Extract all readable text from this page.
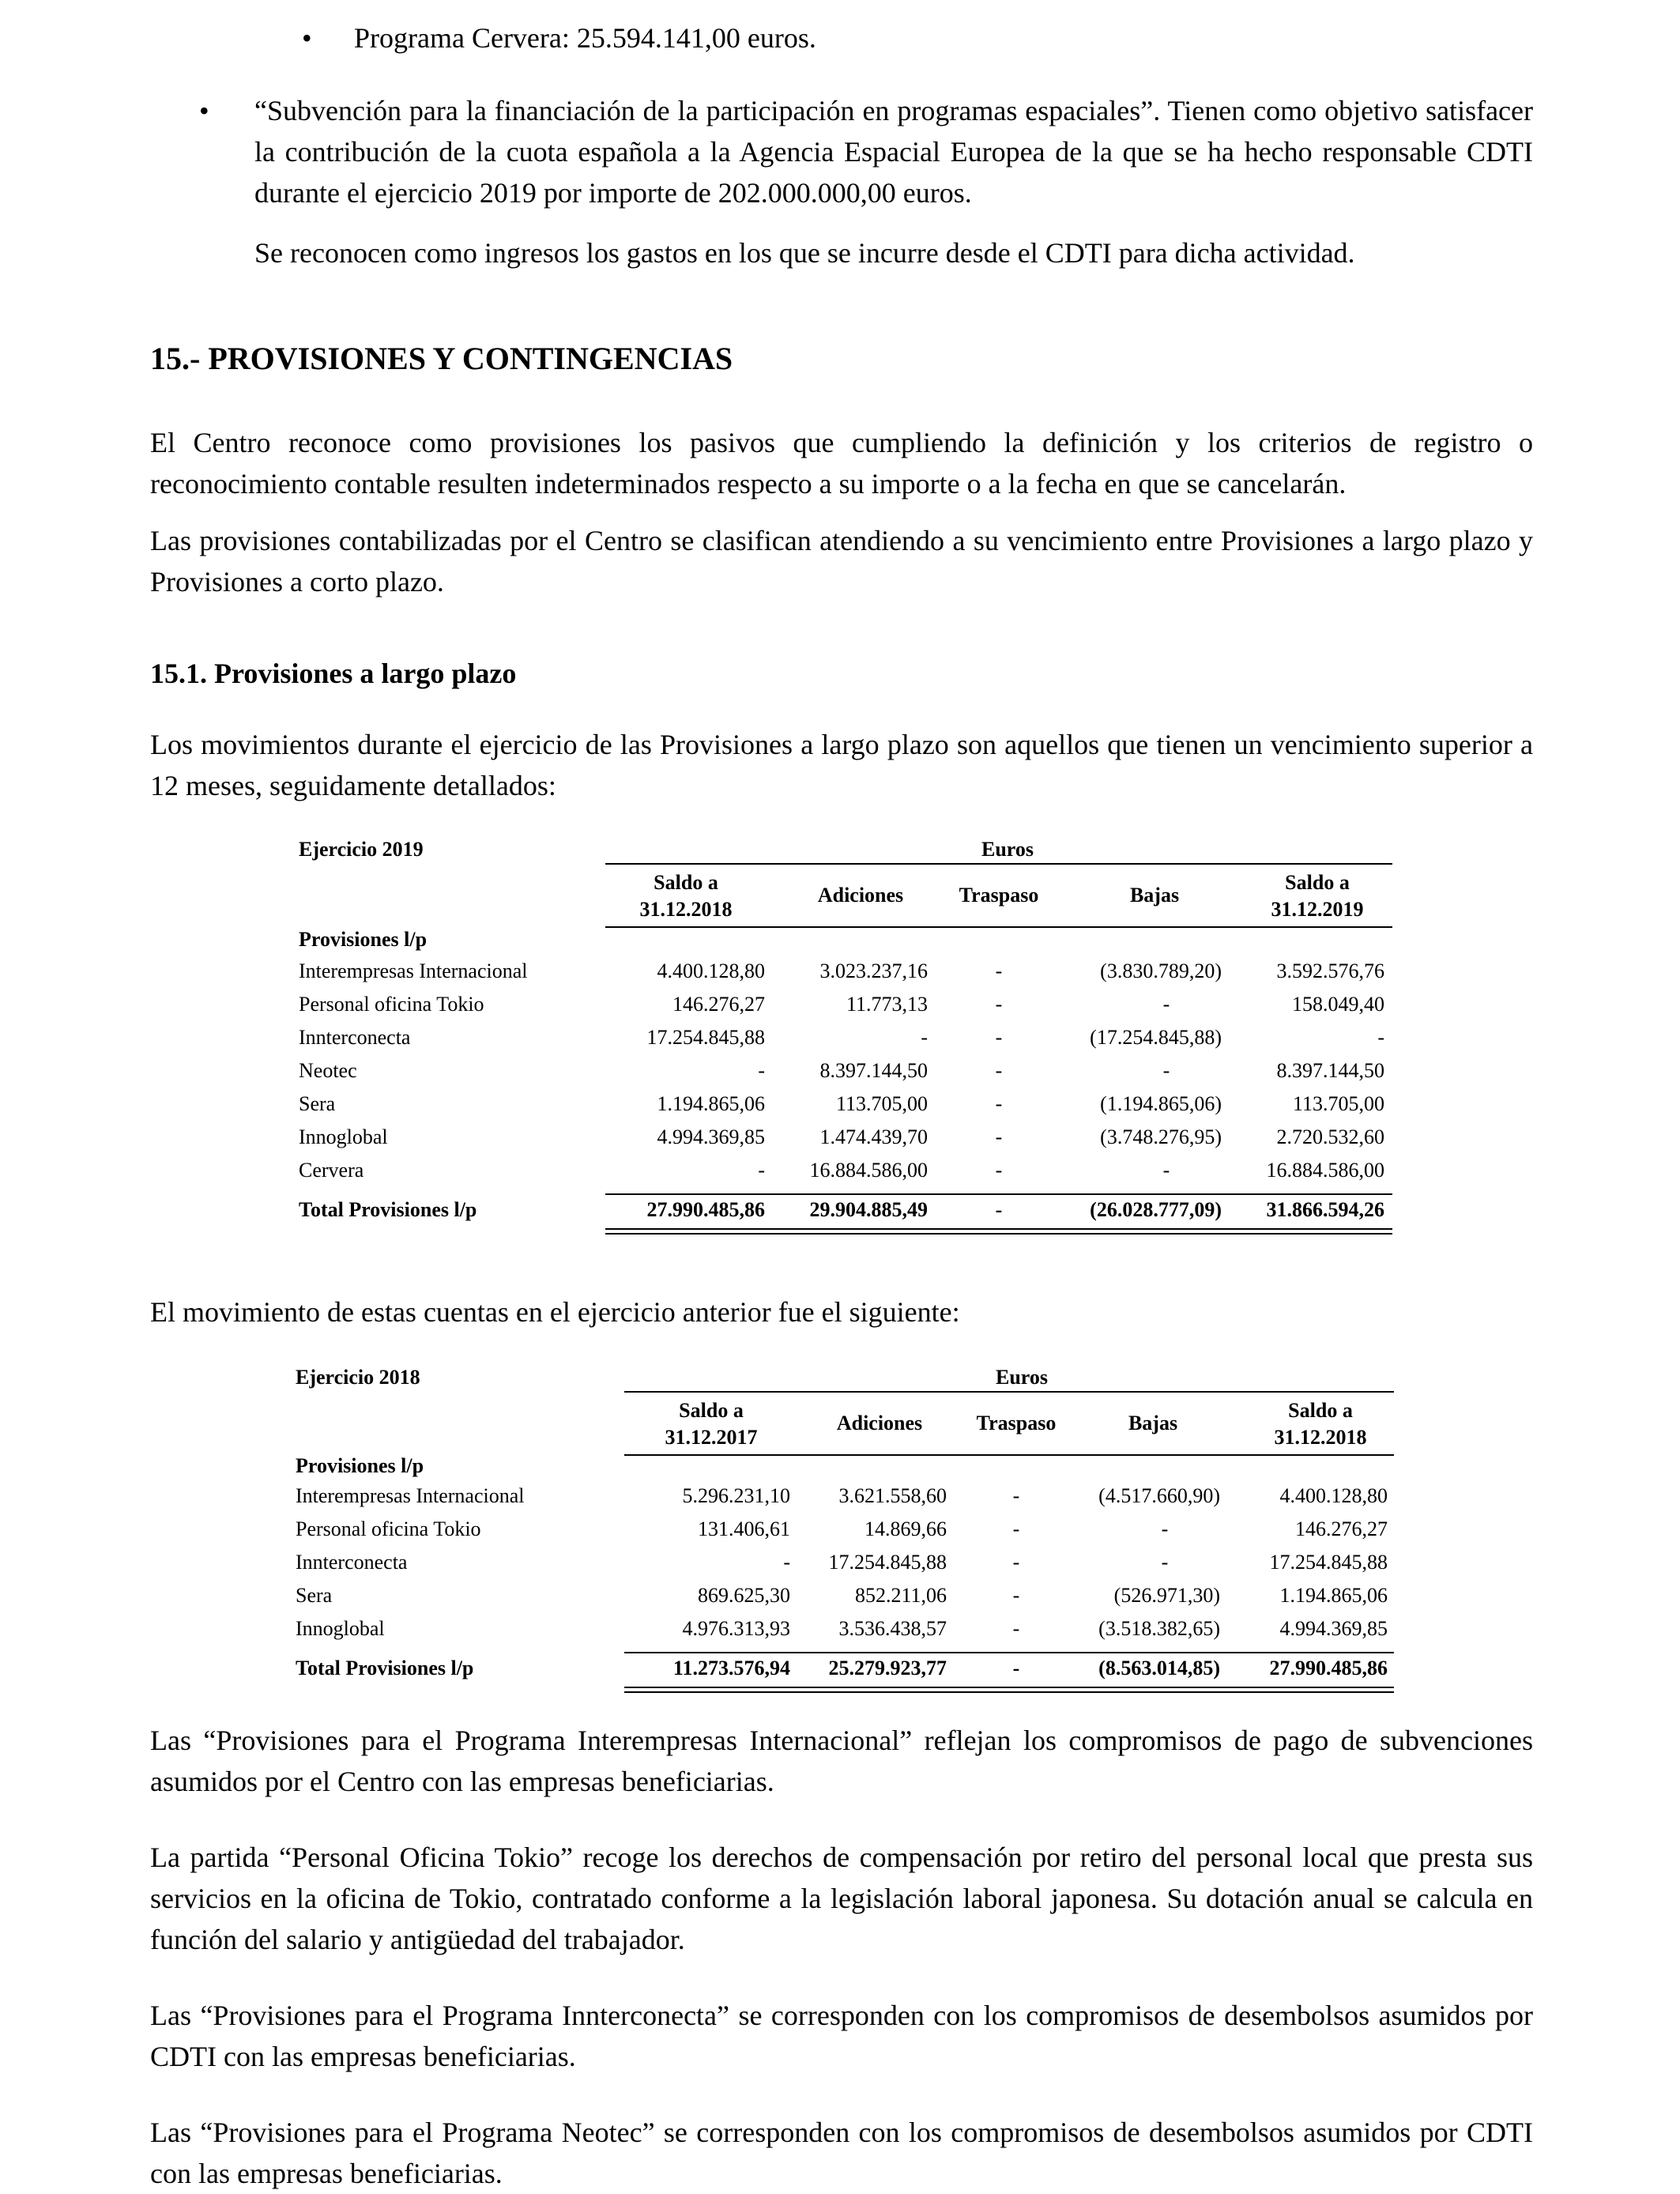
• Programa Cervera: 25.594.141,00 euros.

• “Subvención para la financiación de la participación en programas espaciales”. Tienen como objetivo satisfacer la contribución de la cuota española a la Agencia Espacial Europea de la que se ha hecho responsable CDTI durante el ejercicio 2019 por importe de 202.000.000,00 euros.

Se reconocen como ingresos los gastos en los que se incurre desde el CDTI para dicha actividad.

15.- PROVISIONES Y CONTINGENCIAS

El Centro reconoce como provisiones los pasivos que cumpliendo la definición y los criterios de registro o reconocimiento contable resulten indeterminados respecto a su importe o a la fecha en que se cancelarán.

Las provisiones contabilizadas por el Centro se clasifican atendiendo a su vencimiento entre Provisiones a largo plazo y Provisiones a corto plazo.

15.1. Provisiones a largo plazo

Los movimientos durante el ejercicio de las Provisiones a largo plazo son aquellos que tienen un vencimiento superior a 12 meses, seguidamente detallados:

Ejercicio 2019	Euros
Saldo a
31.12.2018
Adiciones	Traspaso	Bajas
Saldo a
31.12.2019
Provisiones l/p
Interempresas Internacional	4.400.128,80	3.023.237,16	-	(3.830.789,20)	3.592.576,76
Personal oficina Tokio	146.276,27	11.773,13	-	-	158.049,40
Innterconecta	17.254.845,88	-	-	(17.254.845,88)	-
Neotec	-	8.397.144,50	-	-	8.397.144,50
Sera	1.194.865,06	113.705,00	-	(1.194.865,06)	113.705,00
Innoglobal	4.994.369,85	1.474.439,70	-	(3.748.276,95)	2.720.532,60
Cervera	-	16.884.586,00	-	-	16.884.586,00
Total Provisiones l/p	27.990.485,86	29.904.885,49	-	(26.028.777,09)	31.866.594,26

El movimiento de estas cuentas en el ejercicio anterior fue el siguiente:

Ejercicio 2018	Euros
Saldo a
31.12.2017
Adiciones	Traspaso	Bajas
Saldo a
31.12.2018
Provisiones l/p
Interempresas Internacional	5.296.231,10	3.621.558,60	-	(4.517.660,90)	4.400.128,80
Personal oficina Tokio	131.406,61	14.869,66	-	-	146.276,27
Innterconecta	-	17.254.845,88	-	-	17.254.845,88
Sera	869.625,30	852.211,06	-	(526.971,30)	1.194.865,06
Innoglobal	4.976.313,93	3.536.438,57	-	(3.518.382,65)	4.994.369,85
Total Provisiones l/p	11.273.576,94	25.279.923,77	-	(8.563.014,85)	27.990.485,86

Las “Provisiones para el Programa Interempresas Internacional” reflejan los compromisos de pago de subvenciones asumidos por el Centro con las empresas beneficiarias.

La partida “Personal Oficina Tokio” recoge los derechos de compensación por retiro del personal local que presta sus servicios en la oficina de Tokio, contratado conforme a la legislación laboral japonesa. Su dotación anual se calcula en función del salario y antigüedad del trabajador.

Las “Provisiones para el Programa Innterconecta” se corresponden con los compromisos de desembolsos asumidos por CDTI con las empresas beneficiarias.

Las “Provisiones para el Programa Neotec” se corresponden con los compromisos de desembolsos asumidos por CDTI con las empresas beneficiarias.
